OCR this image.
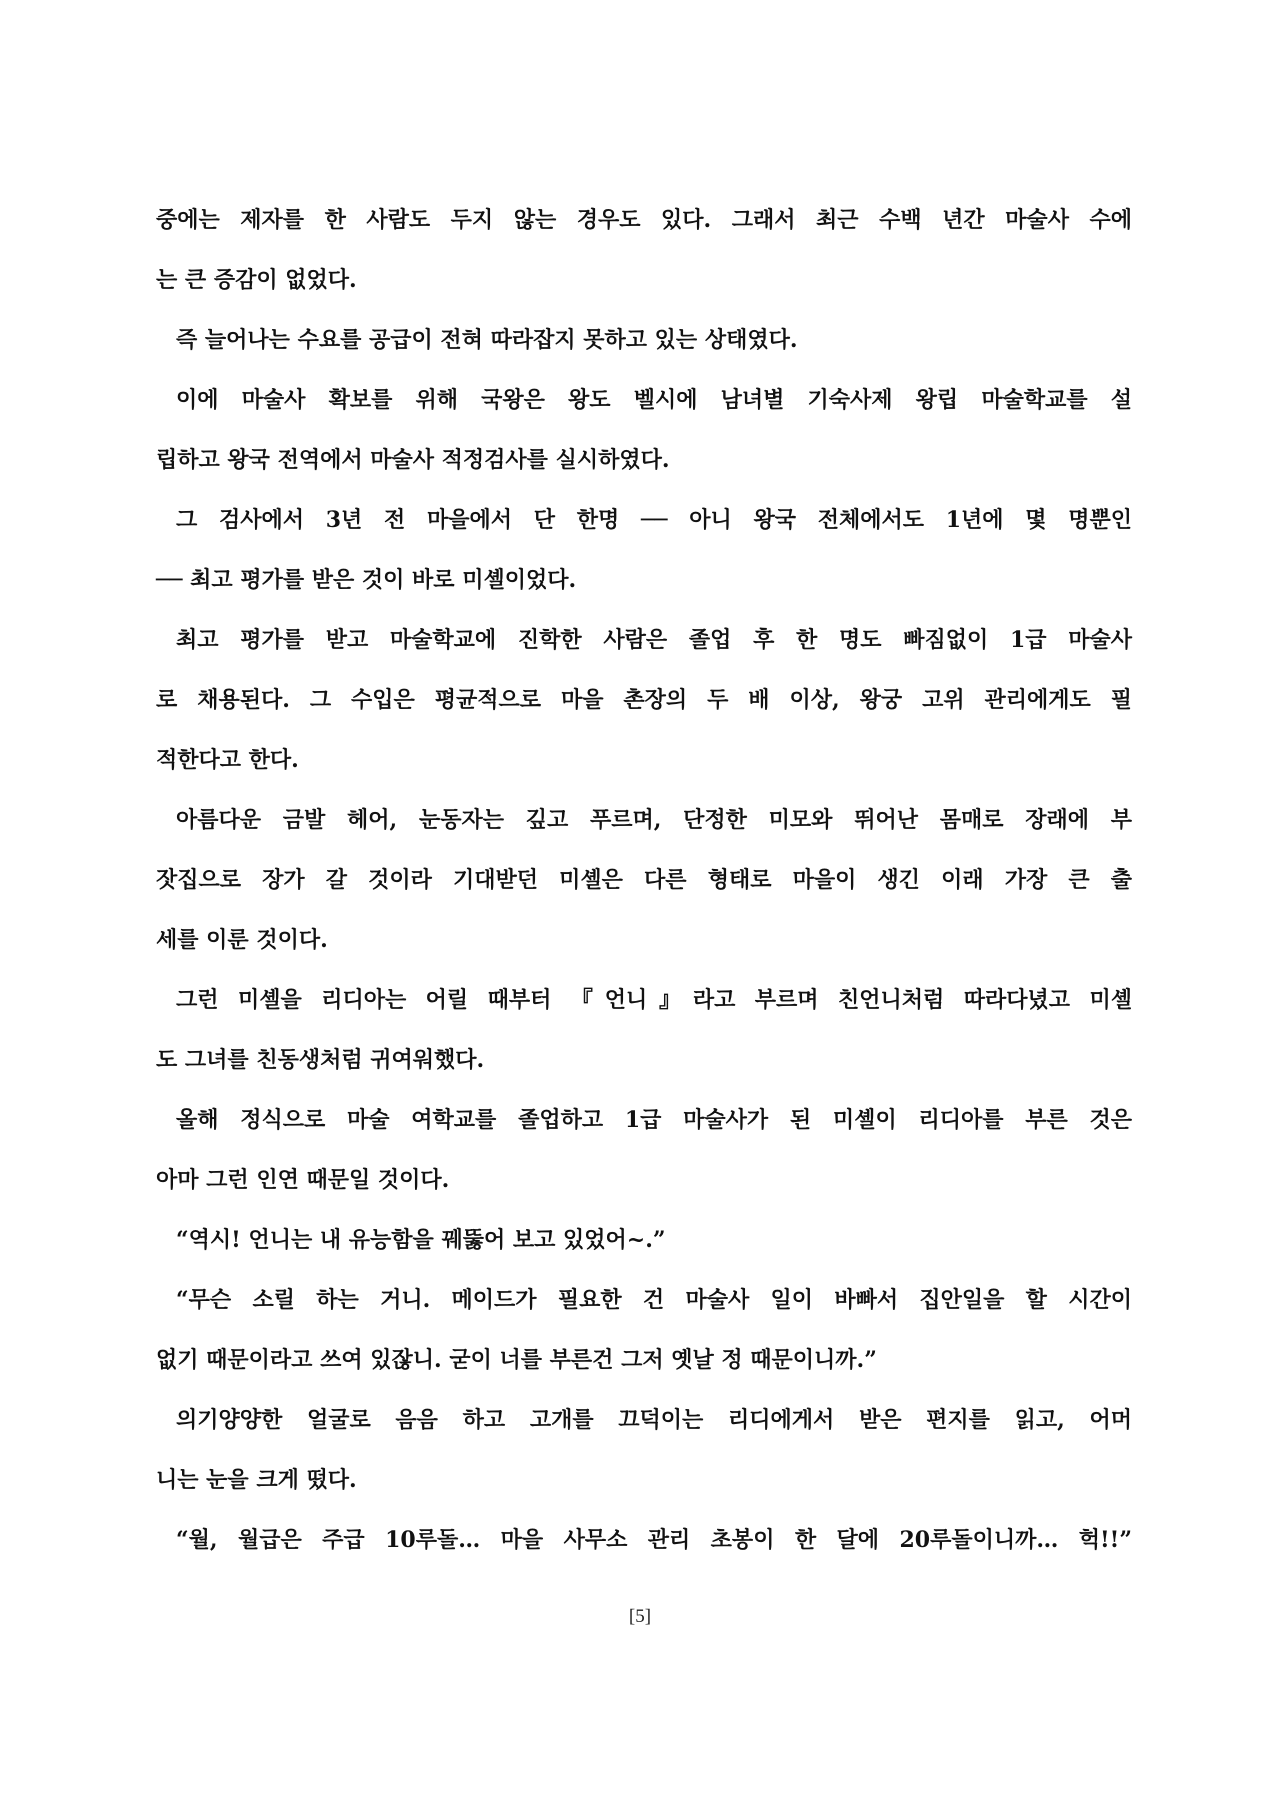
중에는 제자를 한 사람도 두지 않는 경우도 있다. 그래서 최근 수백 년간 마술사 수에
는 큰 증감이 없었다.
즉 늘어나는 수요를 공급이 전혀 따라잡지 못하고 있는 상태였다.
이에 마술사 확보를 위해 국왕은 왕도 벨시에 남녀별 기숙사제 왕립 마술학교를 설
립하고 왕국 전역에서 마술사 적정검사를 실시하였다.
그 검사에서 3년 전 마을에서 단 한명 ── 아니 왕국 전체에서도 1년에 몇 명뿐인
── 최고 평가를 받은 것이 바로 미셸이었다.
최고 평가를 받고 마술학교에 진학한 사람은 졸업 후 한 명도 빠짐없이 1급 마술사
로 채용된다. 그 수입은 평균적으로 마을 촌장의 두 배 이상, 왕궁 고위 관리에게도 필
적한다고 한다.
아름다운 금발 헤어, 눈동자는 깊고 푸르며, 단정한 미모와 뛰어난 몸매로 장래에 부
잣집으로 장가 갈 것이라 기대받던 미셸은 다른 형태로 마을이 생긴 이래 가장 큰 출
세를 이룬 것이다.
그런 미셸을 리디아는 어릴 때부터 『언니』라고 부르며 친언니처럼 따라다녔고 미셸
도 그녀를 친동생처럼 귀여워했다.
올해 정식으로 마술 여학교를 졸업하고 1급 마술사가 된 미셸이 리디아를 부른 것은
아마 그런 인연 때문일 것이다.
“역시! 언니는 내 유능함을 꿰뚫어 보고 있었어~.”
“무슨 소릴 하는 거니. 메이드가 필요한 건 마술사 일이 바빠서 집안일을 할 시간이
없기 때문이라고 쓰여 있잖니. 굳이 너를 부른건 그저 옛날 정 때문이니까.”
의기양양한 얼굴로 음음 하고 고개를 끄덕이는 리디에게서 받은 편지를 읽고, 어머
니는 눈을 크게 떴다.
“월, 월급은 주급 10루돌… 마을 사무소 관리 초봉이 한 달에 20루돌이니까… 헉!!”
[5]
